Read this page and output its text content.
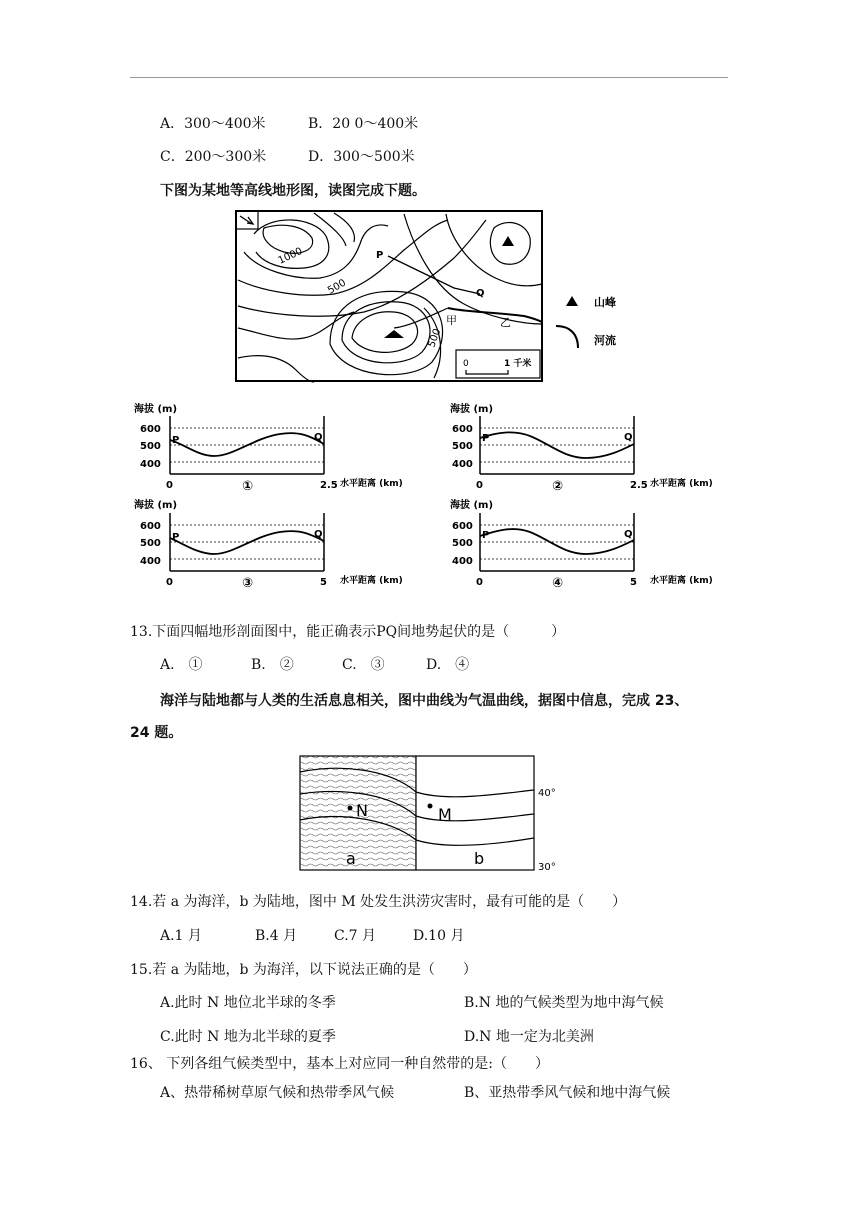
A．300～400米	B．20 0～400米
C．200～300米	D．300～500米
下图为某地等高线地形图，读图完成下题。
1000
500
500
P
Q
甲	乙
0	1 千米
山峰
河流
海拔 (m)
600
500
400
P	Q
0	2.5 水平距离 (km)
①
海拔 (m)
600
500
400
P	Q
0	2.5 水平距离 (km)
②
海拔 (m)
600
500
400
P	Q
0	5 水平距离 (km)
③
海拔 (m)
600
500
400
P	Q
0	5 水平距离 (km)
④
13.下面四幅地形剖面图中，能正确表示PQ间地势起伏的是（　　　）
A.　①	B.　②	C.　③	D.　④
海洋与陆地都与人类的生活息息相关，图中曲线为气温曲线，据图中信息，完成 23、
24 题。
N	M
a	b
40°
30°
14.若 a 为海洋，b 为陆地，图中 M 处发生洪涝灾害时，最有可能的是（　　）
A.1 月	B.4 月	C.7 月	D.10 月
15.若 a 为陆地，b 为海洋，以下说法正确的是（　　）
A.此时 N 地位北半球的冬季	B.N 地的气候类型为地中海气候
C.此时 N 地为北半球的夏季	D.N 地一定为北美洲
16、 下列各组气候类型中，基本上对应同一种自然带的是:（　　）
A、热带稀树草原气候和热带季风气候	B、亚热带季风气候和地中海气候
